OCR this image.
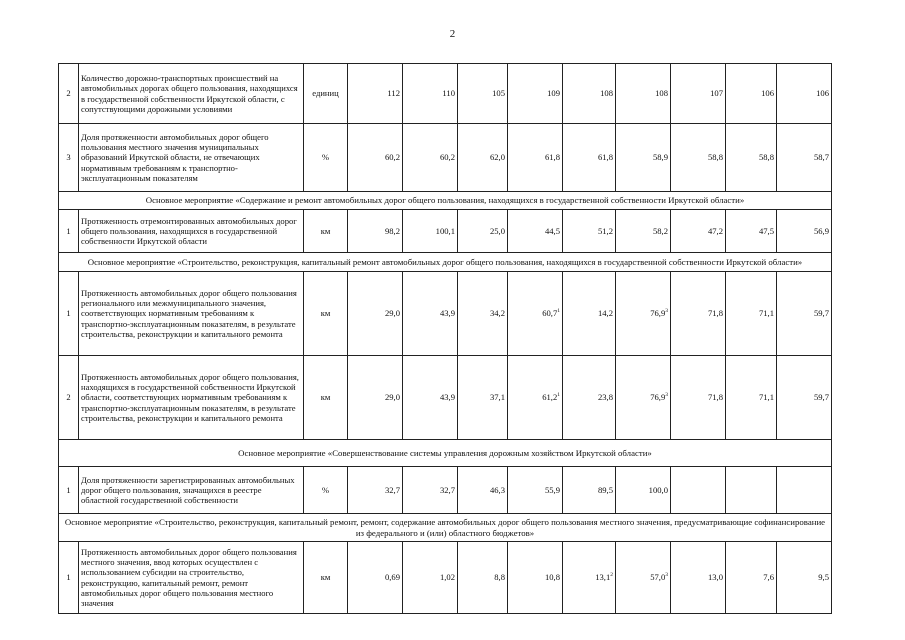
2
2	Количество дорожно-транспортных происшествий на автомобильных дорогах общего пользования, находящихся в государственной собственности Иркутской области, с сопутствующими дорожными условиями	единиц	112	110	105	109	108	108	107	106	106
3	Доля протяженности автомобильных дорог общего пользования местного значения муниципальных образований Иркутской области, не отвечающих нормативным требованиям к транспортно-эксплуатационным показателям	%	60,2	60,2	62,0	61,8	61,8	58,9	58,8	58,8	58,7
Основное мероприятие «Содержание и ремонт автомобильных дорог общего пользования, находящихся в государственной собственности Иркутской области»											
1	Протяженность отремонтированных автомобильных дорог общего пользования, находящихся в государственной собственности Иркутской области	км	98,2	100,1	25,0	44,5	51,2	58,2	47,2	47,5	56,9
Основное мероприятие «Строительство, реконструкция, капитальный ремонт автомобильных дорог общего пользования, находящихся в государственной собственности Иркутской области»											
1	Протяженность автомобильных дорог общего пользования регионального или межмуниципального значения, соответствующих нормативным требованиям к транспортно-эксплуатационным показателям, в результате строительства, реконструкции и капитального ремонта	км	29,0	43,9	34,2	60,7$^1$	14,2	76,9$^3$	71,8	71,1	59,7
2	Протяженность автомобильных дорог общего пользования, находящихся в государственной собственности Иркутской области, соответствующих нормативным требованиям к транспортно-эксплуатационным показателям, в результате строительства, реконструкции и капитального ремонта	км	29,0	43,9	37,1	61,2$^1$	23,8	76,9$^3$	71,8	71,1	59,7
Основное мероприятие «Совершенствование системы управления дорожным хозяйством Иркутской области»											
1	Доля протяженности зарегистрированных автомобильных дорог общего пользования, значащихся в реестре областной государственной собственности	%	32,7	32,7	46,3	55,9	89,5	100,0			
Основное мероприятие «Строительство, реконструкция, капитальный ремонт, ремонт, содержание автомобильных дорог общего пользования местного значения, предусматривающие софинансирование из федерального и (или) областного бюджетов»											
1	Протяженность автомобильных дорог общего пользования местного значения, ввод которых осуществлен с использованием субсидии на строительство, реконструкцию, капитальный ремонт, ремонт автомобильных дорог общего пользования местного значения	км	0,69	1,02	8,8	10,8	13,1$^2$	57,0$^3$	13,0	7,6	9,5
